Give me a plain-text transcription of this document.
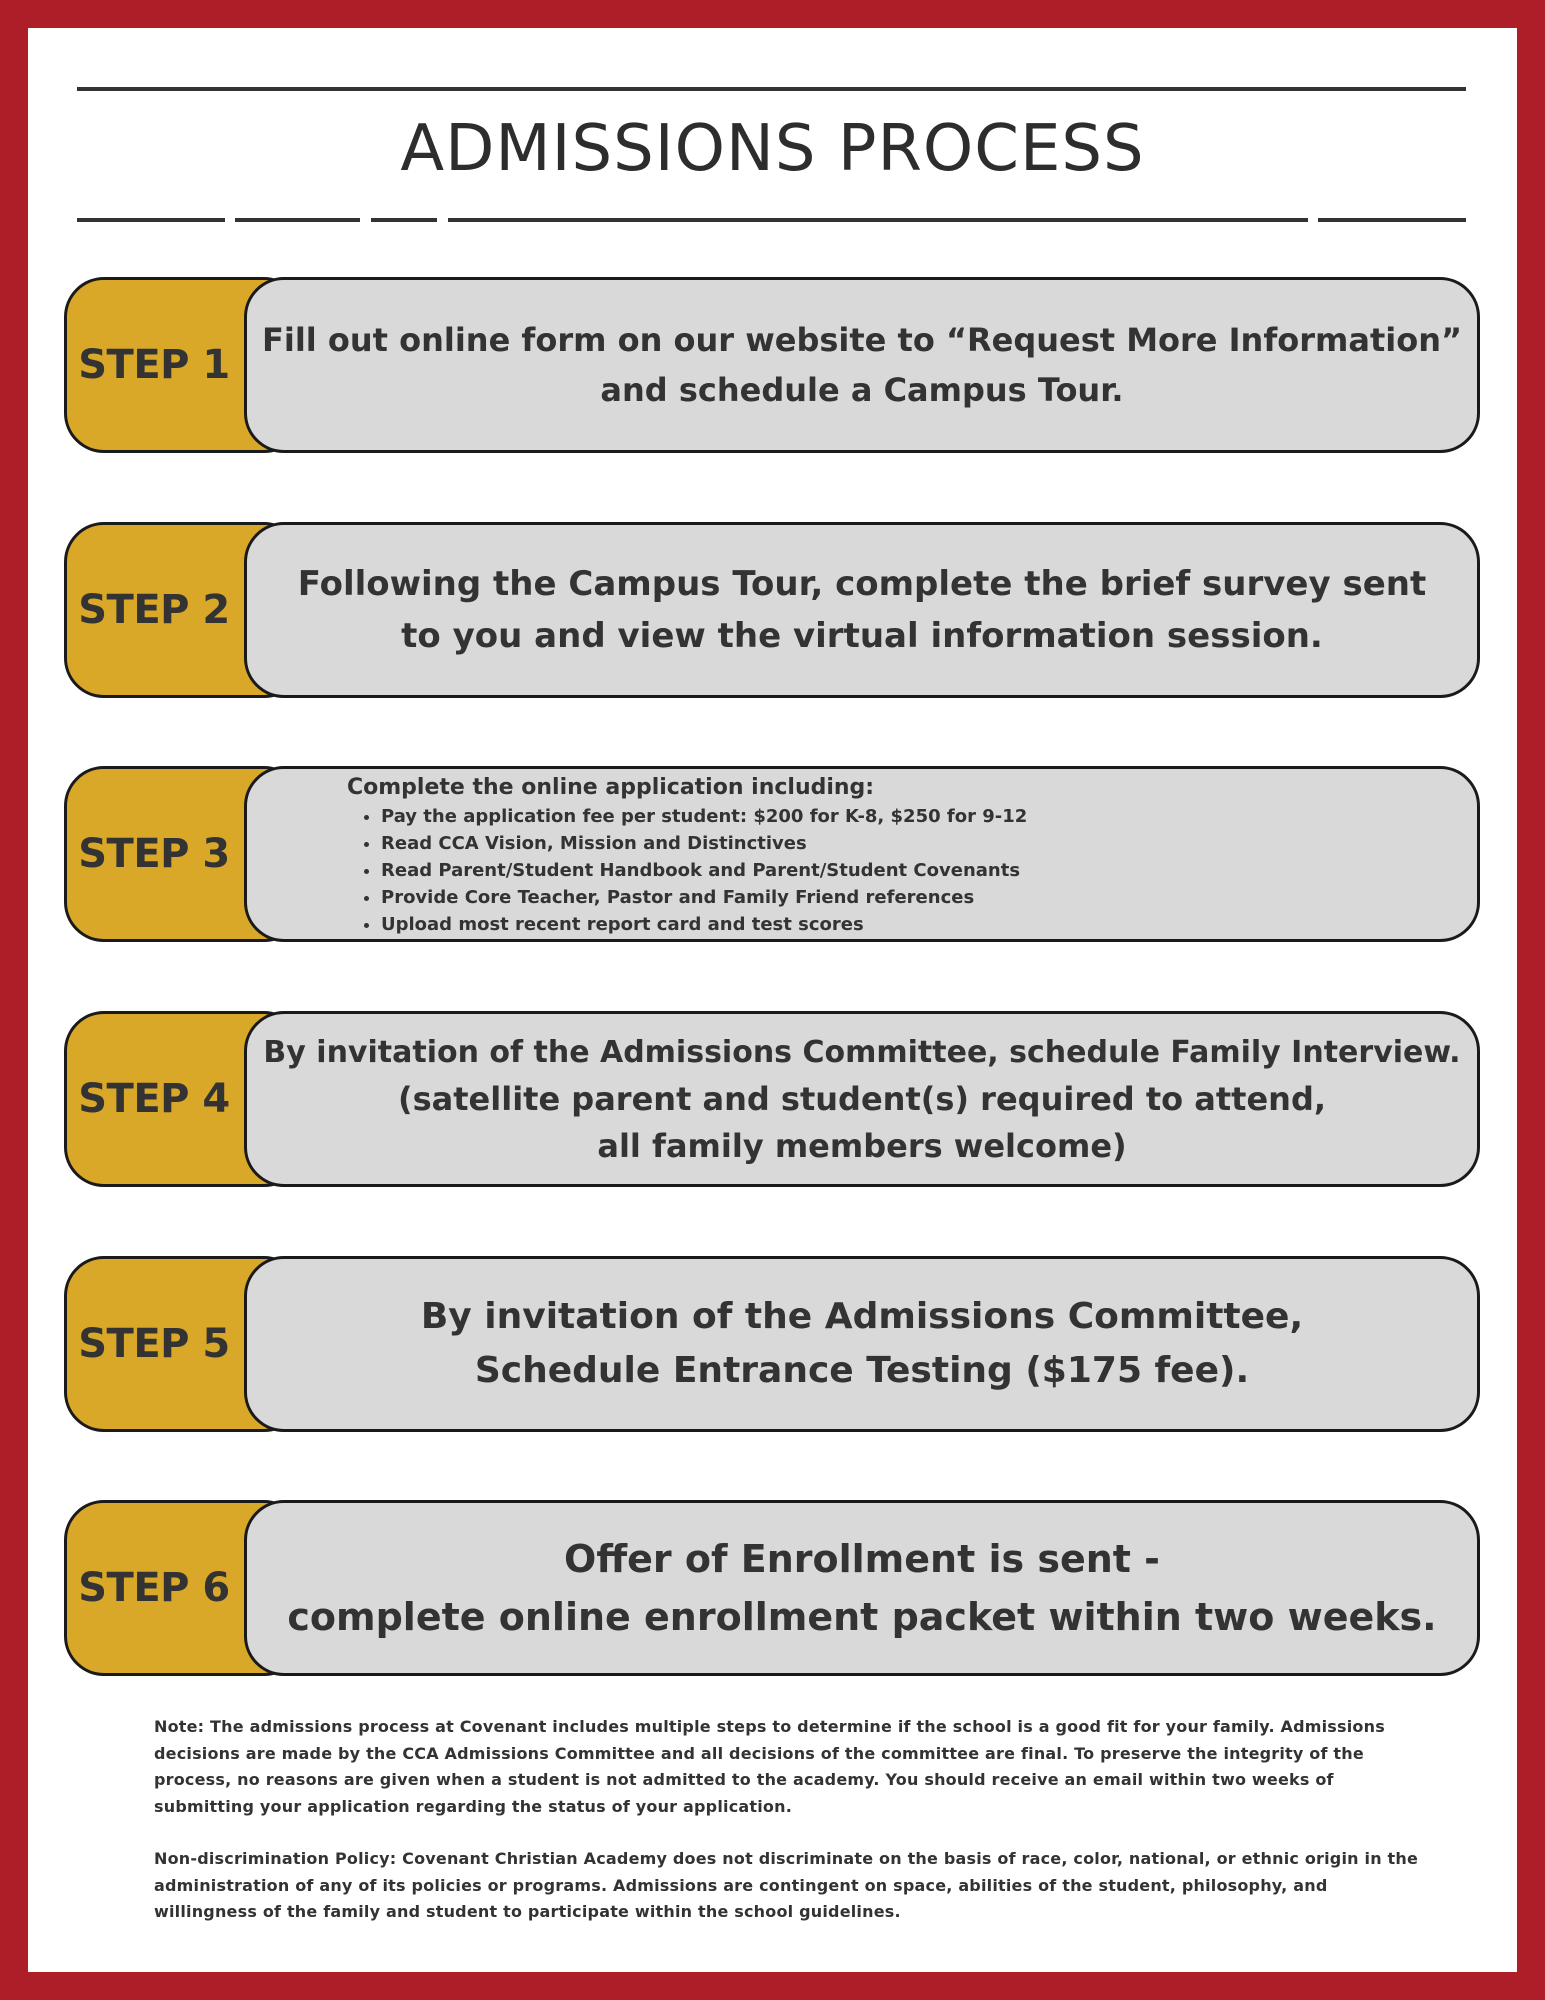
ADMISSIONS PROCESS
STEP 1
Fill out online form on our website to “Request More Information”
and schedule a Campus Tour.
STEP 2
Following the Campus Tour, complete the brief survey sent
to you and view the virtual information session.
STEP 3
Complete the online application including:
• Pay the application fee per student: $200 for K-8, $250 for 9-12
• Read CCA Vision, Mission and Distinctives
• Read Parent/Student Handbook and Parent/Student Covenants
• Provide Core Teacher, Pastor and Family Friend references
• Upload most recent report card and test scores
STEP 4
By invitation of the Admissions Committee, schedule Family Interview.
(satellite parent and student(s) required to attend,
all family members welcome)
STEP 5
By invitation of the Admissions Committee,
Schedule Entrance Testing ($175 fee).
STEP 6
Offer of Enrollment is sent -
complete online enrollment packet within two weeks.

Note: The admissions process at Covenant includes multiple steps to determine if the school is a good fit for your family. Admissions decisions are made by the CCA Admissions Committee and all decisions of the committee are final. To preserve the integrity of the process, no reasons are given when a student is not admitted to the academy. You should receive an email within two weeks of submitting your application regarding the status of your application.

Non-discrimination Policy: Covenant Christian Academy does not discriminate on the basis of race, color, national, or ethnic origin in the administration of any of its policies or programs. Admissions are contingent on space, abilities of the student, philosophy, and willingness of the family and student to participate within the school guidelines.
